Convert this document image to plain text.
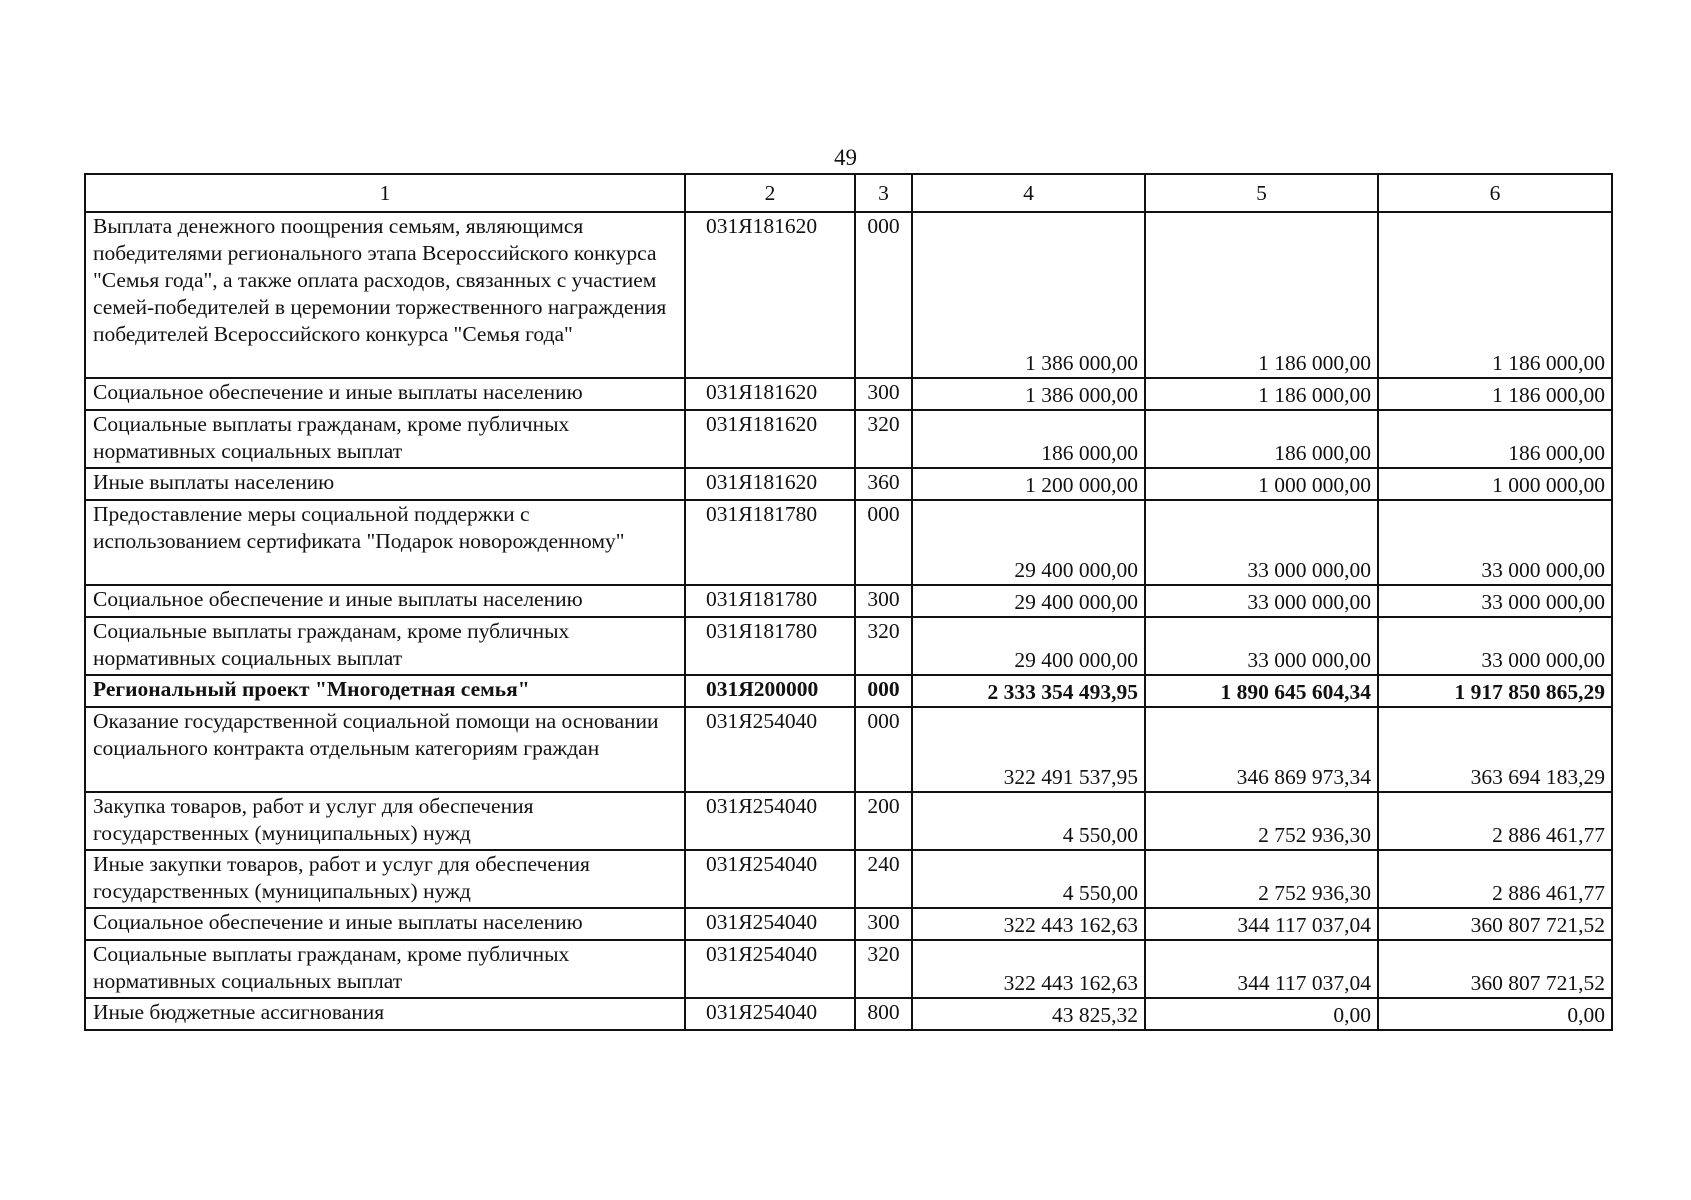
49
1	2	3	4	5	6
Выплата денежного поощрения семьям, являющимся победителями регионального этапа Всероссийского конкурса "Семья года", а также оплата расходов, связанных с участием семей-победителей в церемонии торжественного награждения победителей Всероссийского конкурса "Семья года"	031Я181620	000	1 386 000,00	1 186 000,00	1 186 000,00
Социальное обеспечение и иные выплаты населению	031Я181620	300	1 386 000,00	1 186 000,00	1 186 000,00
Социальные выплаты гражданам, кроме публичных нормативных социальных выплат	031Я181620	320	186 000,00	186 000,00	186 000,00
Иные выплаты населению	031Я181620	360	1 200 000,00	1 000 000,00	1 000 000,00
Предоставление меры социальной поддержки с использованием сертификата "Подарок новорожденному"	031Я181780	000	29 400 000,00	33 000 000,00	33 000 000,00
Социальное обеспечение и иные выплаты населению	031Я181780	300	29 400 000,00	33 000 000,00	33 000 000,00
Социальные выплаты гражданам, кроме публичных нормативных социальных выплат	031Я181780	320	29 400 000,00	33 000 000,00	33 000 000,00
Региональный проект "Многодетная семья"	031Я200000	000	2 333 354 493,95	1 890 645 604,34	1 917 850 865,29
Оказание государственной социальной помощи на основании социального контракта отдельным категориям граждан	031Я254040	000	322 491 537,95	346 869 973,34	363 694 183,29
Закупка товаров, работ и услуг для обеспечения государственных (муниципальных) нужд	031Я254040	200	4 550,00	2 752 936,30	2 886 461,77
Иные закупки товаров, работ и услуг для обеспечения государственных (муниципальных) нужд	031Я254040	240	4 550,00	2 752 936,30	2 886 461,77
Социальное обеспечение и иные выплаты населению	031Я254040	300	322 443 162,63	344 117 037,04	360 807 721,52
Социальные выплаты гражданам, кроме публичных нормативных социальных выплат	031Я254040	320	322 443 162,63	344 117 037,04	360 807 721,52
Иные бюджетные ассигнования	031Я254040	800	43 825,32	0,00	0,00
